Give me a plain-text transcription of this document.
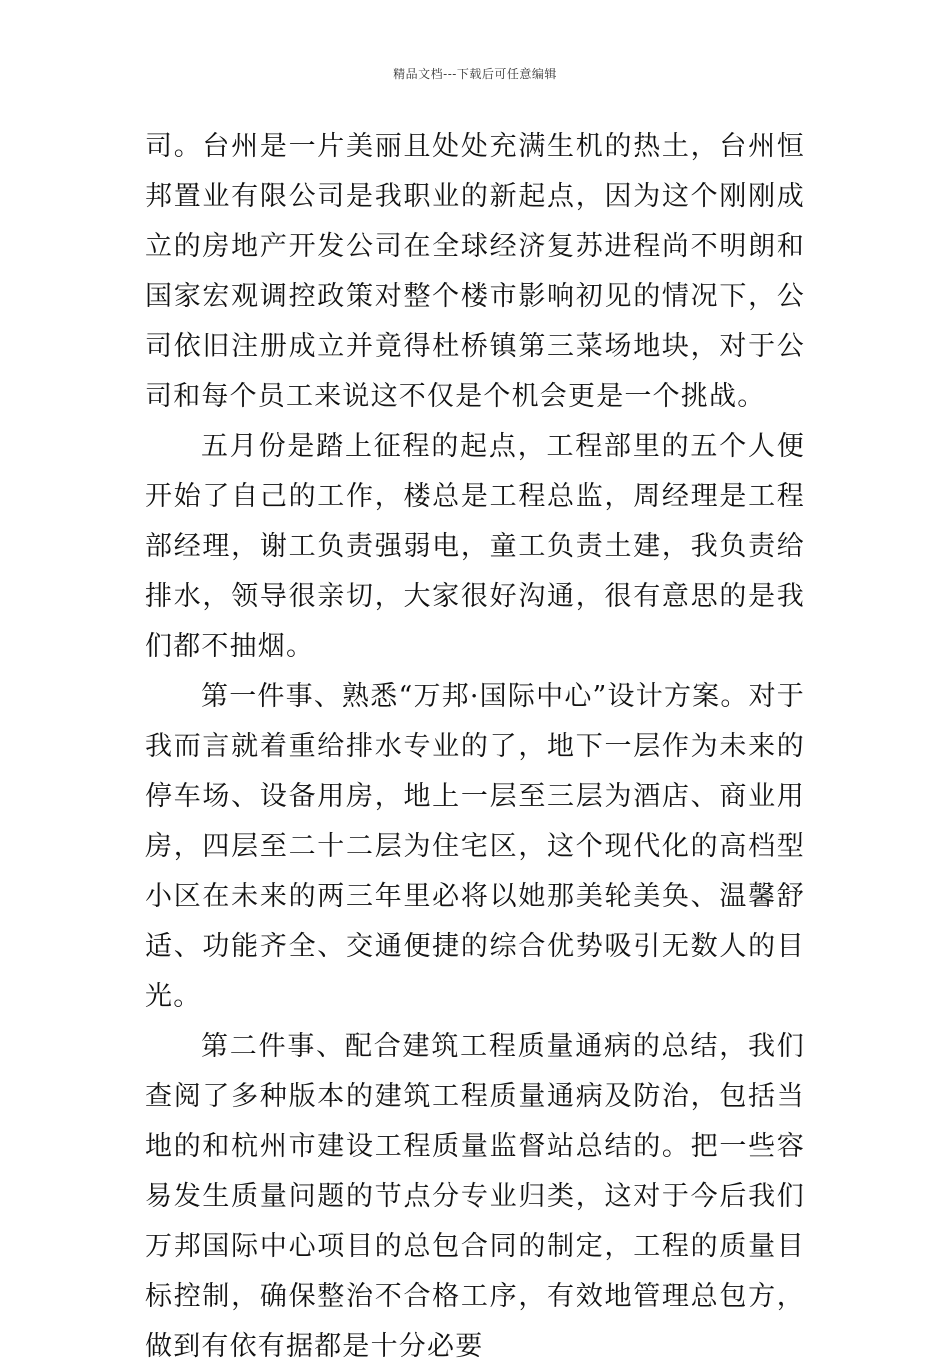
精品文档---下载后可任意编辑

司。台州是一片美丽且处处充满生机的热土，台州恒邦置业有限公司是我职业的新起点，因为这个刚刚成立的房地产开发公司在全球经济复苏进程尚不明朗和国家宏观调控政策对整个楼市影响初见的情况下，公司依旧注册成立并竟得杜桥镇第三菜场地块，对于公司和每个员工来说这不仅是个机会更是一个挑战。

五月份是踏上征程的起点，工程部里的五个人便开始了自己的工作，楼总是工程总监，周经理是工程部经理，谢工负责强弱电，童工负责土建，我负责给排水，领导很亲切，大家很好沟通，很有意思的是我们都不抽烟。

第一件事、熟悉“万邦·国际中心”设计方案。对于我而言就着重给排水专业的了，地下一层作为未来的停车场、设备用房，地上一层至三层为酒店、商业用房，四层至二十二层为住宅区，这个现代化的高档型小区在未来的两三年里必将以她那美轮美奂、温馨舒适、功能齐全、交通便捷的综合优势吸引无数人的目光。

第二件事、配合建筑工程质量通病的总结，我们查阅了多种版本的建筑工程质量通病及防治，包括当地的和杭州市建设工程质量监督站总结的。把一些容易发生质量问题的节点分专业归类，这对于今后我们万邦国际中心项目的总包合同的制定，工程的质量目标控制，确保整治不合格工序，有效地管理总包方，做到有依有据都是十分必要
